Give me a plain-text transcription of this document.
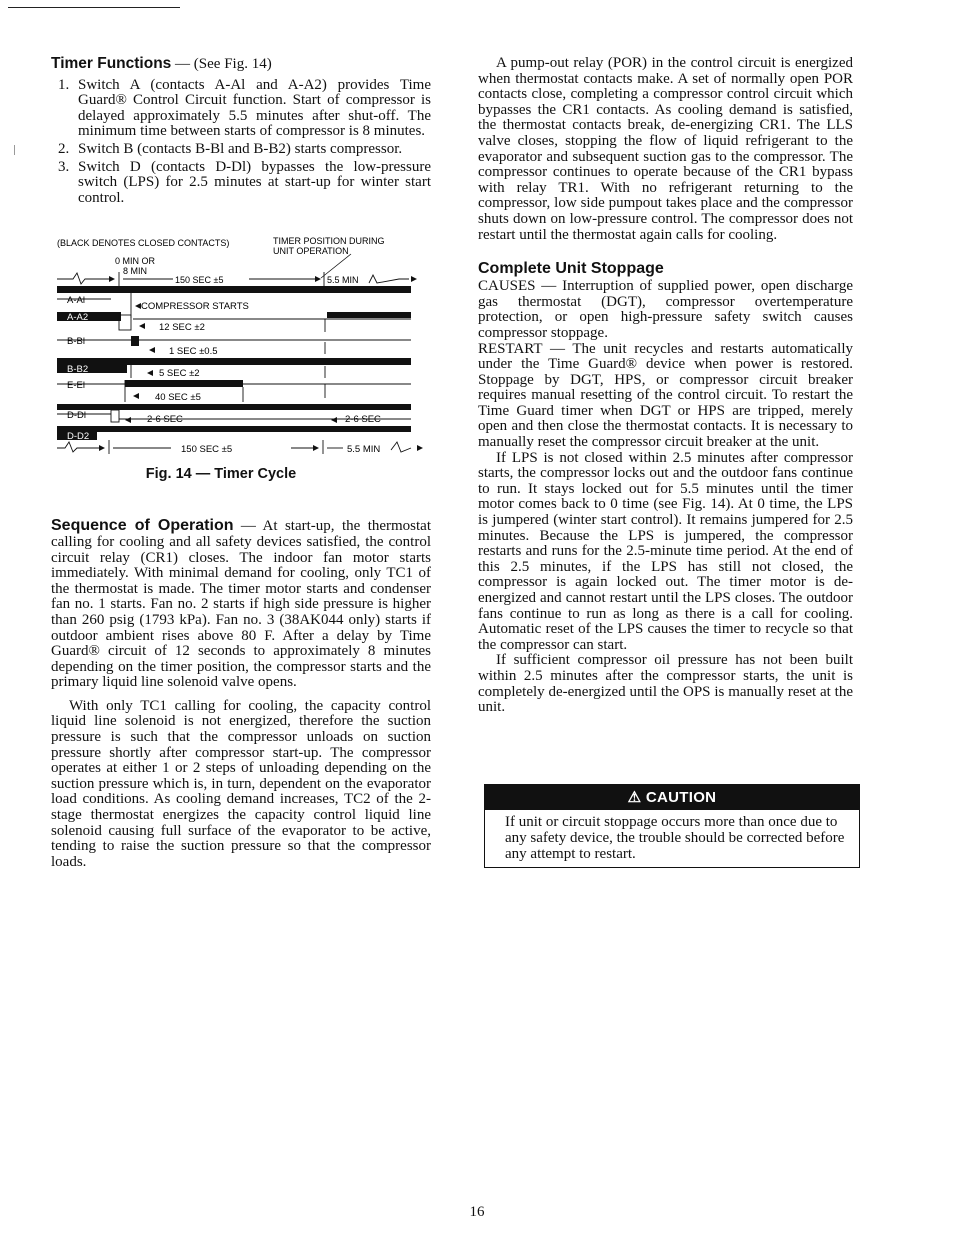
Timer Functions — (See Fig. 14)

1. Switch A (contacts A-Al and A-A2) provides Time Guard® Control Circuit function. Start of compressor is delayed approximately 5.5 minutes after shut-off. The minimum time between starts of compressor is 8 minutes.
2. Switch B (contacts B-Bl and B-B2) starts compressor.
3. Switch D (contacts D-Dl) bypasses the low-pressure switch (LPS) for 2.5 minutes at start-up for winter start control.
(BLACK DENOTES CLOSED CONTACTS)	TIMER POSITION DURING
UNIT OPERATION
0 MIN OR
8 MIN
150 SEC ±5	5.5 MIN
A-Al
COMPRESSOR STARTS
A-A2
12 SEC ±2
B-Bl
1 SEC ±0.5
B-B2	5 SEC ±2
E-El
40 SEC ±5
D-Dl	2-6 SEC	2-6 SEC
D-D2
150 SEC ±5	5.5 MIN
Fig. 14 — Timer Cycle

Sequence of Operation — At start-up, the thermostat calling for cooling and all safety devices satisfied, the control circuit relay (CR1) closes. The indoor fan motor starts immediately. With minimal demand for cooling, only TC1 of the thermostat is made. The timer motor starts and condenser fan no. 1 starts. Fan no. 2 starts if high side pressure is higher than 260 psig (1793 kPa). Fan no. 3 (38AK044 only) starts if outdoor ambient rises above 80 F. After a delay by Time Guard® circuit of 12 seconds to approximately 8 minutes depending on the timer position, the compressor starts and the primary liquid line solenoid valve opens.

With only TC1 calling for cooling, the capacity control liquid line solenoid is not energized, therefore the suction pressure is such that the compressor unloads on suction pressure shortly after compressor start-up. The compressor operates at either 1 or 2 steps of unloading depending on the suction pressure which is, in turn, dependent on the evaporator load conditions. As cooling demand increases, TC2 of the 2-stage thermostat energizes the capacity control liquid line solenoid causing full surface of the evaporator to be active, tending to raise the suction pressure so that the compressor loads.

A pump-out relay (POR) in the control circuit is energized when thermostat contacts make. A set of normally open POR contacts close, completing a compressor control circuit which bypasses the CR1 contacts. As cooling demand is satisfied, the thermostat contacts break, de-energizing CR1. The LLS valve closes, stopping the flow of liquid refrigerant to the evaporator and subsequent suction gas to the compressor. The compressor continues to operate because of the CR1 bypass with relay TR1. With no refrigerant returning to the compressor, low side pumpout takes place and the compressor shuts down on low-pressure control. The compressor does not restart until the thermostat again calls for cooling.

Complete Unit Stoppage

CAUSES — Interruption of supplied power, open discharge gas thermostat (DGT), compressor overtemperature protection, or open high-pressure safety switch causes compressor stoppage.

RESTART — The unit recycles and restarts automatically under the Time Guard® device when power is restored. Stoppage by DGT, HPS, or compressor circuit breaker requires manual resetting of the control circuit. To restart the Time Guard timer when DGT or HPS are tripped, merely open and then close the thermostat contacts. It is necessary to manually reset the compressor circuit breaker at the unit.

If LPS is not closed within 2.5 minutes after compressor starts, the compressor locks out and the outdoor fans continue to run. It stays locked out for 5.5 minutes until the timer motor comes back to 0 time (see Fig. 14). At 0 time, the LPS is jumpered (winter start control). It remains jumpered for 2.5 minutes. Because the LPS is jumpered, the compressor restarts and runs for the 2.5-minute time period. At the end of this 2.5 minutes, if the LPS has still not closed, the compressor is again locked out. The timer motor is de-energized and cannot restart until the LPS closes. The outdoor fans continue to run as long as there is a call for cooling. Automatic reset of the LPS causes the timer to recycle so that the compressor can start.

If sufficient compressor oil pressure has not been built within 2.5 minutes after the compressor starts, the unit is completely de-energized until the OPS is manually reset at the unit.

⚠ CAUTION
If unit or circuit stoppage occurs more than once due to any safety device, the trouble should be corrected before any attempt to restart.
16
